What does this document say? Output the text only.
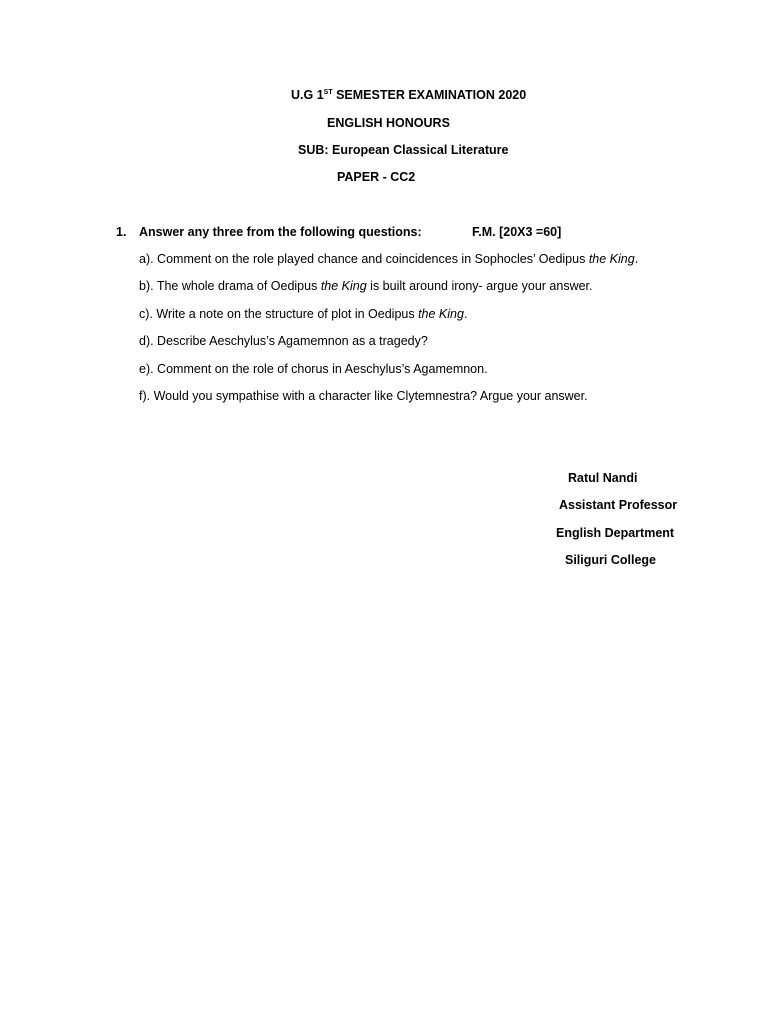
U.G 1ST SEMESTER EXAMINATION 2020
ENGLISH HONOURS
SUB: European Classical Literature
PAPER - CC2
1. Answer any three from the following questions:	F.M. [20X3 =60]
a). Comment on the role played chance and coincidences in Sophocles’ Oedipus the King.
b). The whole drama of Oedipus the King is built around irony- argue your answer.
c). Write a note on the structure of plot in Oedipus the King.
d). Describe Aeschylus’s Agamemnon as a tragedy?
e). Comment on the role of chorus in Aeschylus’s Agamemnon.
f). Would you sympathise with a character like Clytemnestra? Argue your answer.
Ratul Nandi
Assistant Professor
English Department
Siliguri College
